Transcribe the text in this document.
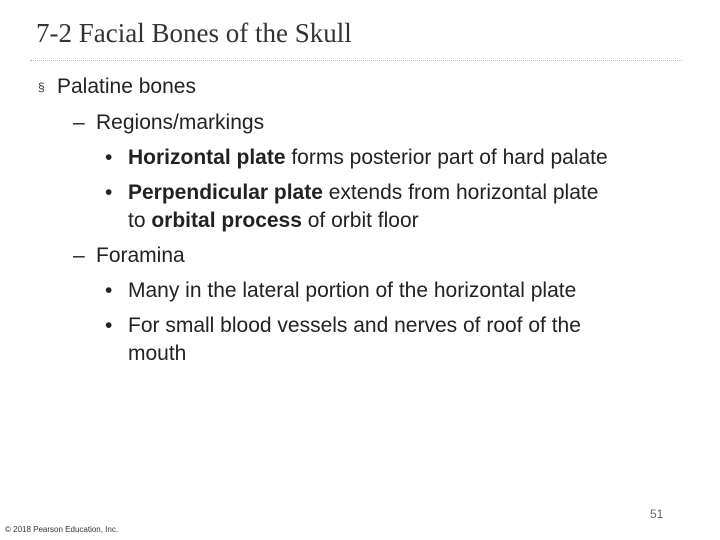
7-2 Facial Bones of the Skull
§ Palatine bones
– Regions/markings
• Horizontal plate forms posterior part of hard palate
• Perpendicular plate extends from horizontal plate
to orbital process of orbit floor
– Foramina
• Many in the lateral portion of the horizontal plate
• For small blood vessels and nerves of roof of the
mouth
51
© 2018 Pearson Education, Inc.
